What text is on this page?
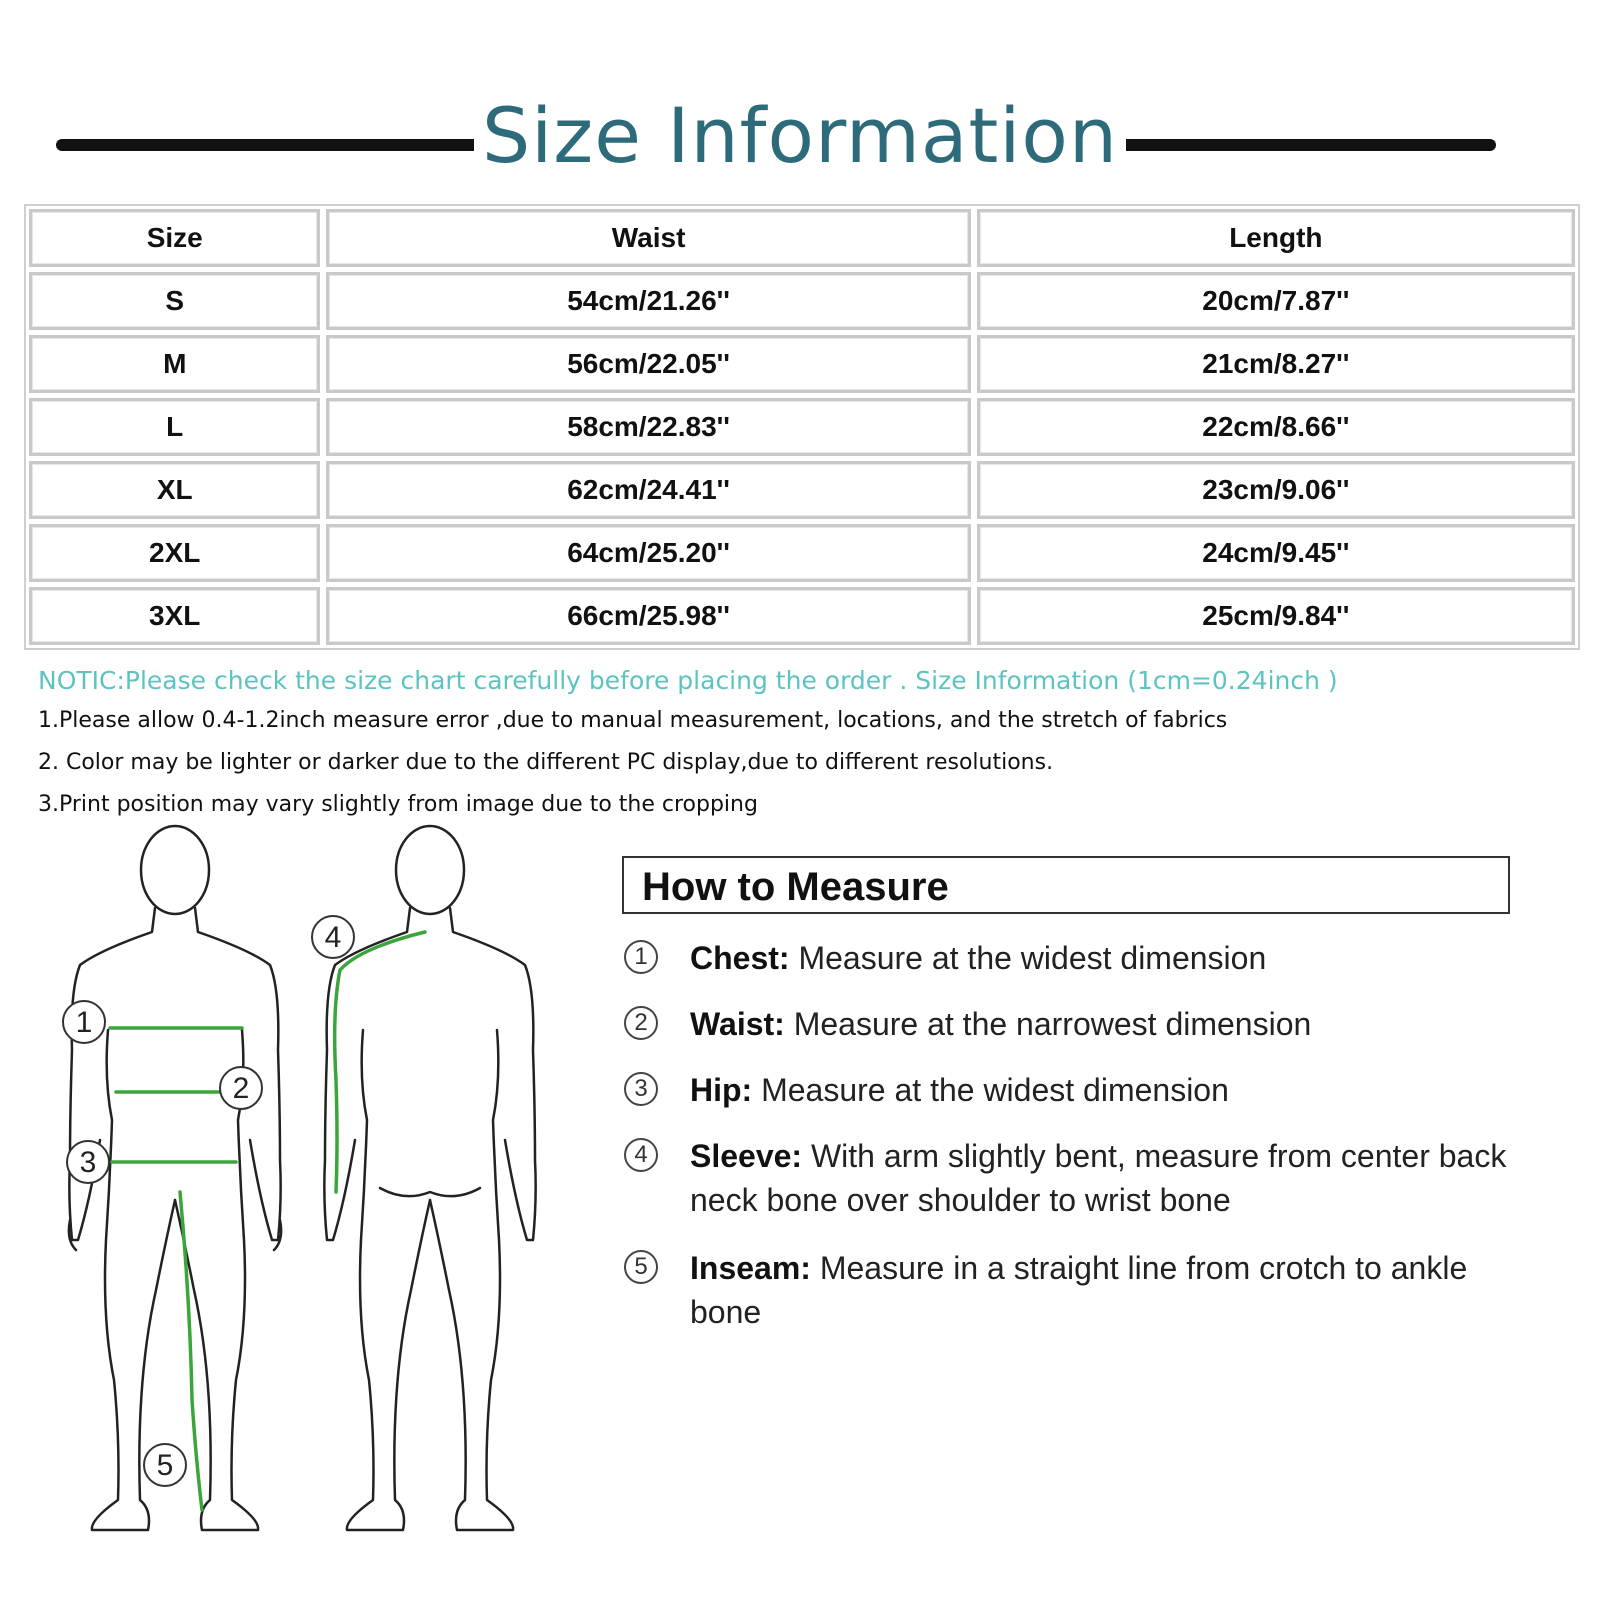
Size Information
Size	Waist	Length
S	54cm/21.26''	20cm/7.87''
M	56cm/22.05''	21cm/8.27''
L	58cm/22.83''	22cm/8.66''
XL	62cm/24.41''	23cm/9.06''
2XL	64cm/25.20''	24cm/9.45''
3XL	66cm/25.98''	25cm/9.84''
NOTIC:Please check the size chart carefully before placing the order . Size Information (1cm=0.24inch )
1.Please allow 0.4-1.2inch measure error ,due to manual measurement, locations, and the stretch of fabrics
2. Color may be lighter or darker due to the different PC display,due to different resolutions.
3.Print position may vary slightly from image due to the cropping
1
2
3
4
5
How to Measure
1	Chest: Measure at the widest dimension
2	Waist: Measure at the narrowest dimension
3	Hip: Measure at the widest dimension
4	Sleeve: With arm slightly bent, measure from center back neck bone over shoulder to wrist bone
5	Inseam: Measure in a straight line from crotch to ankle bone
